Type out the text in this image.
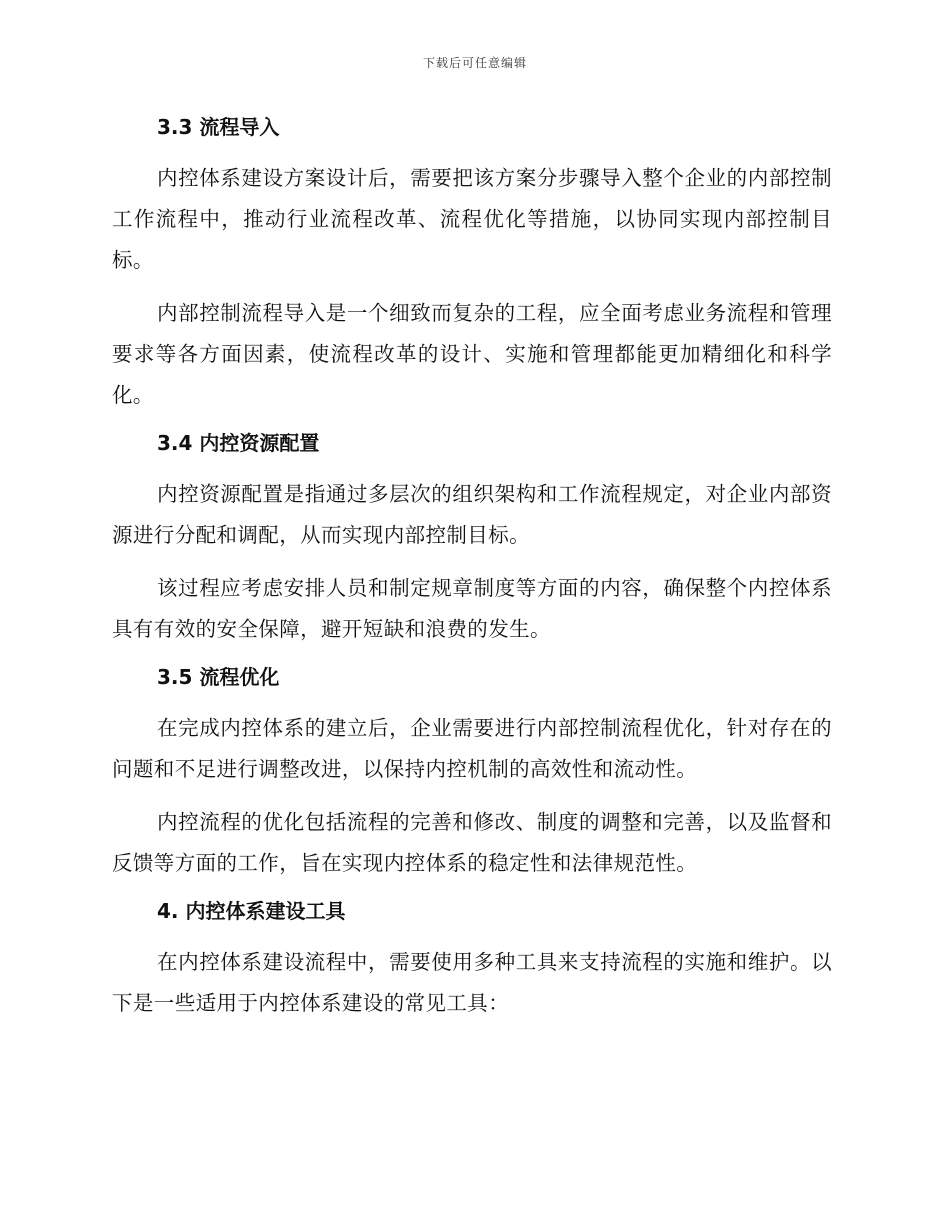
下载后可任意编辑
3.3 流程导入
内控体系建设方案设计后，需要把该方案分步骤导入整个企业的内部控制工作流程中，推动行业流程改革、流程优化等措施，以协同实现内部控制目标。
内部控制流程导入是一个细致而复杂的工程，应全面考虑业务流程和管理要求等各方面因素，使流程改革的设计、实施和管理都能更加精细化和科学化。
3.4 内控资源配置
内控资源配置是指通过多层次的组织架构和工作流程规定，对企业内部资源进行分配和调配，从而实现内部控制目标。
该过程应考虑安排人员和制定规章制度等方面的内容，确保整个内控体系具有有效的安全保障，避开短缺和浪费的发生。
3.5 流程优化
在完成内控体系的建立后，企业需要进行内部控制流程优化，针对存在的问题和不足进行调整改进，以保持内控机制的高效性和流动性。
内控流程的优化包括流程的完善和修改、制度的调整和完善，以及监督和反馈等方面的工作，旨在实现内控体系的稳定性和法律规范性。
4. 内控体系建设工具
在内控体系建设流程中，需要使用多种工具来支持流程的实施和维护。以下是一些适用于内控体系建设的常见工具：
